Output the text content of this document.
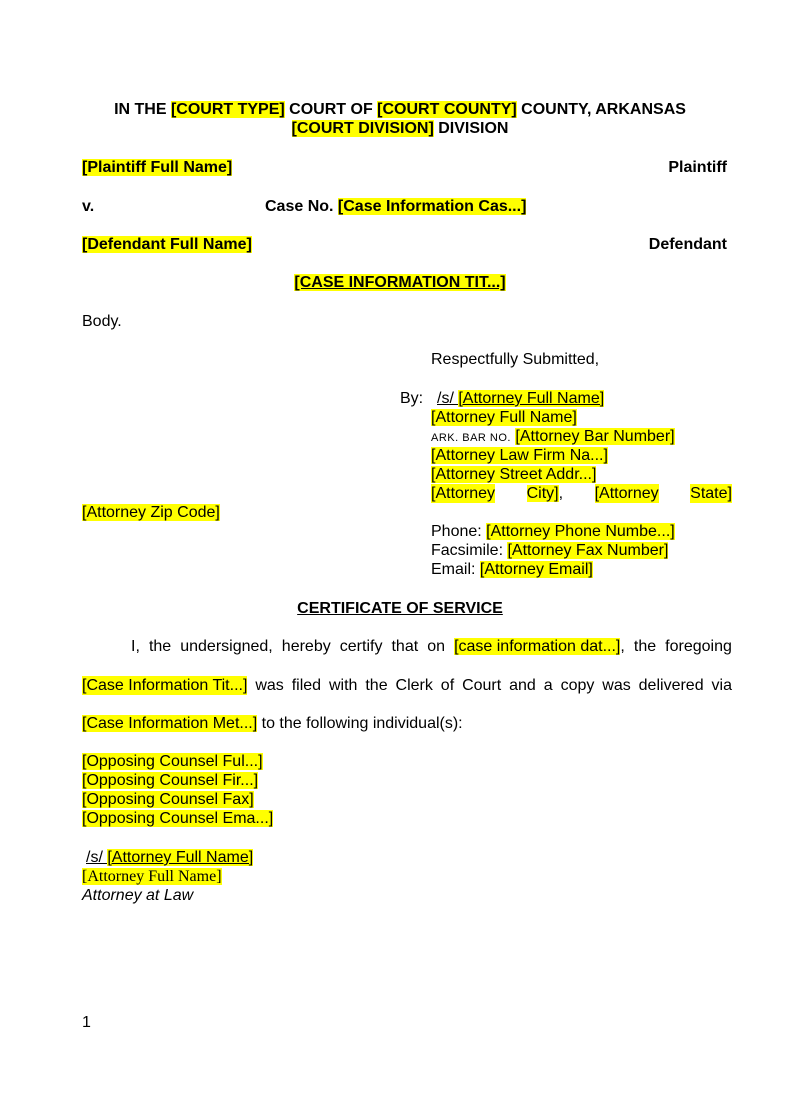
IN THE [COURT TYPE] COURT OF [COURT COUNTY] COUNTY, ARKANSAS
[COURT DIVISION] DIVISION
[Plaintiff Full Name]	Plaintiff
v.	Case No. [Case Information Cas...]
[Defendant Full Name]	Defendant
[CASE INFORMATION TIT...]
Body.
Respectfully Submitted,
By: /s/ [Attorney Full Name]
[Attorney Full Name]
ARK. BAR NO. [Attorney Bar Number]
[Attorney Law Firm Na...]
[Attorney Street Addr...]
[Attorney City], [Attorney State]
[Attorney Zip Code]
Phone: [Attorney Phone Numbe...]
Facsimile: [Attorney Fax Number]
Email: [Attorney Email]
CERTIFICATE OF SERVICE
I, the undersigned, hereby certify that on [case information dat...], the foregoing
[Case Information Tit...] was filed with the Clerk of Court and a copy was delivered via
[Case Information Met...] to the following individual(s):
[Opposing Counsel Ful...]
[Opposing Counsel Fir...]
[Opposing Counsel Fax]
[Opposing Counsel Ema...]
/s/ [Attorney Full Name]
[Attorney Full Name]
Attorney at Law
1
